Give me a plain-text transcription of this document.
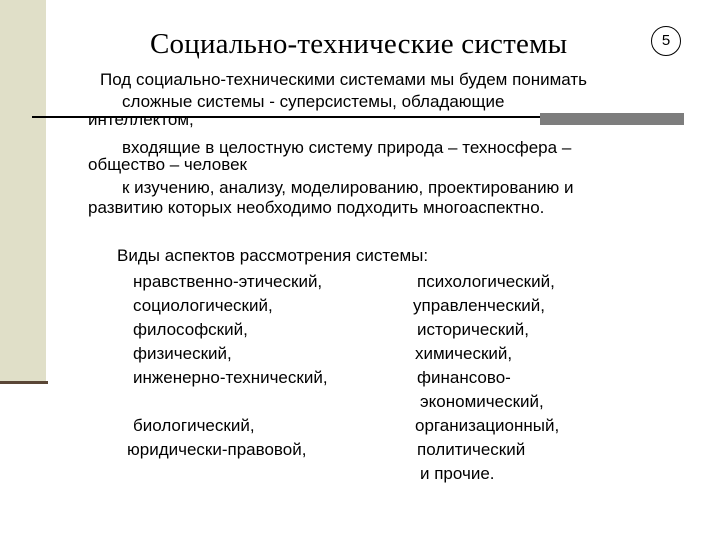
Социально-технические системы	5
Под социально-техническими системами мы будем понимать
сложные системы - суперсистемы, обладающие
интеллектом,
входящие в целостную систему природа – техносфера –
общество – человек
к изучению, анализу, моделированию, проектированию и
развитию которых необходимо подходить многоаспектно.
Виды аспектов рассмотрения системы:
нравственно-этический,
социологический,
философский,
физический,
инженерно-технический,
биологический,
юридически-правовой,
психологический,
управленческий,
исторический,
химический,
финансово-
экономический,
организационный,
политический
и прочие.
